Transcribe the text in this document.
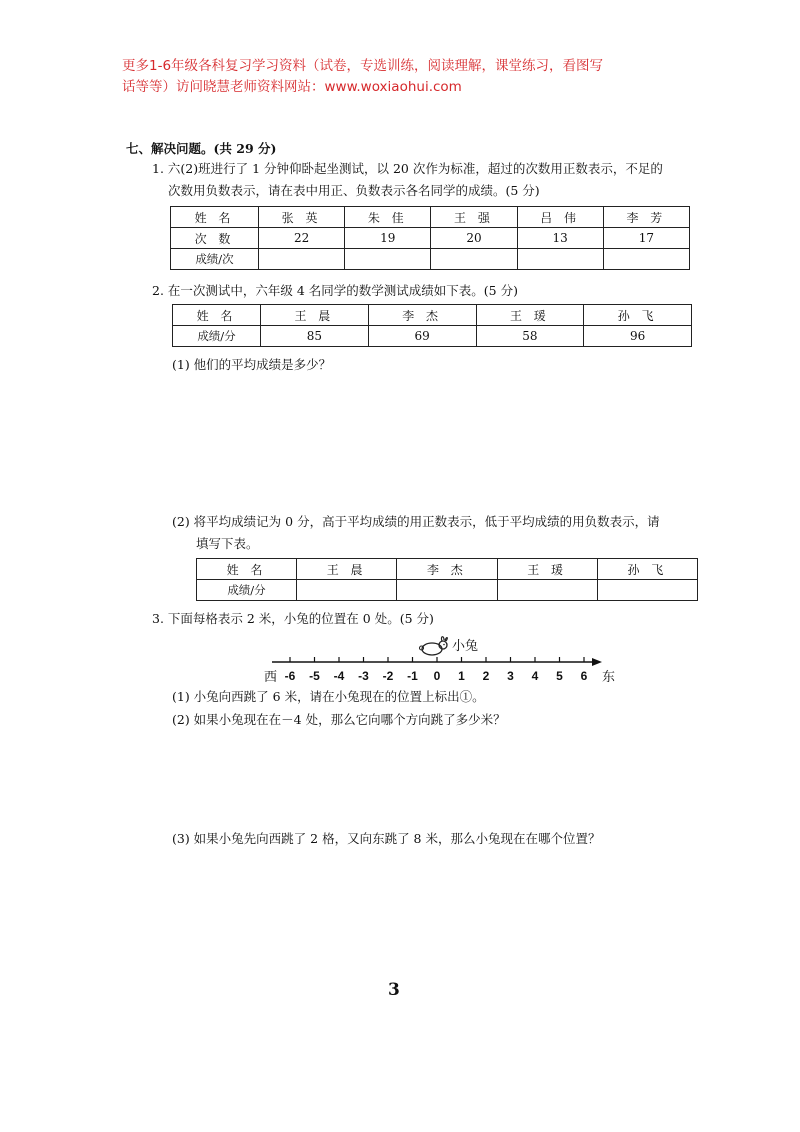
更多1-6年级各科复习学习资料（试卷，专选训练，阅读理解，课堂练习，看图写
话等等）访问晓慧老师资料网站：www.woxiaohui.com
七、解决问题。(共 29 分)
1. 六(2)班进行了 1 分钟仰卧起坐测试，以 20 次作为标准，超过的次数用正数表示，不足的
次数用负数表示，请在表中用正、负数表示各名同学的成绩。(5 分)
姓 名	张 英	朱 佳	王 强	吕 伟	李 芳
次 数	22	19	20	13	17
成绩/次					
2. 在一次测试中，六年级 4 名同学的数学测试成绩如下表。(5 分)
姓 名	王 晨	李 杰	王 瑗	孙 飞
成绩/分	85	69	58	96
(1) 他们的平均成绩是多少？
(2) 将平均成绩记为 0 分，高于平均成绩的用正数表示，低于平均成绩的用负数表示，请
填写下表。
姓 名	王 晨	李 杰	王 瑗	孙 飞
成绩/分				
3. 下面每格表示 2 米，小兔的位置在 0 处。(5 分)
小兔
-6 -5 -4 -3 -2 -1 0 1 2 3 4 5 6
西	东
(1) 小兔向西跳了 6 米，请在小兔现在的位置上标出①。
(2) 如果小兔现在在－4 处，那么它向哪个方向跳了多少米？
(3) 如果小兔先向西跳了 2 格，又向东跳了 8 米，那么小兔现在在哪个位置？
3
